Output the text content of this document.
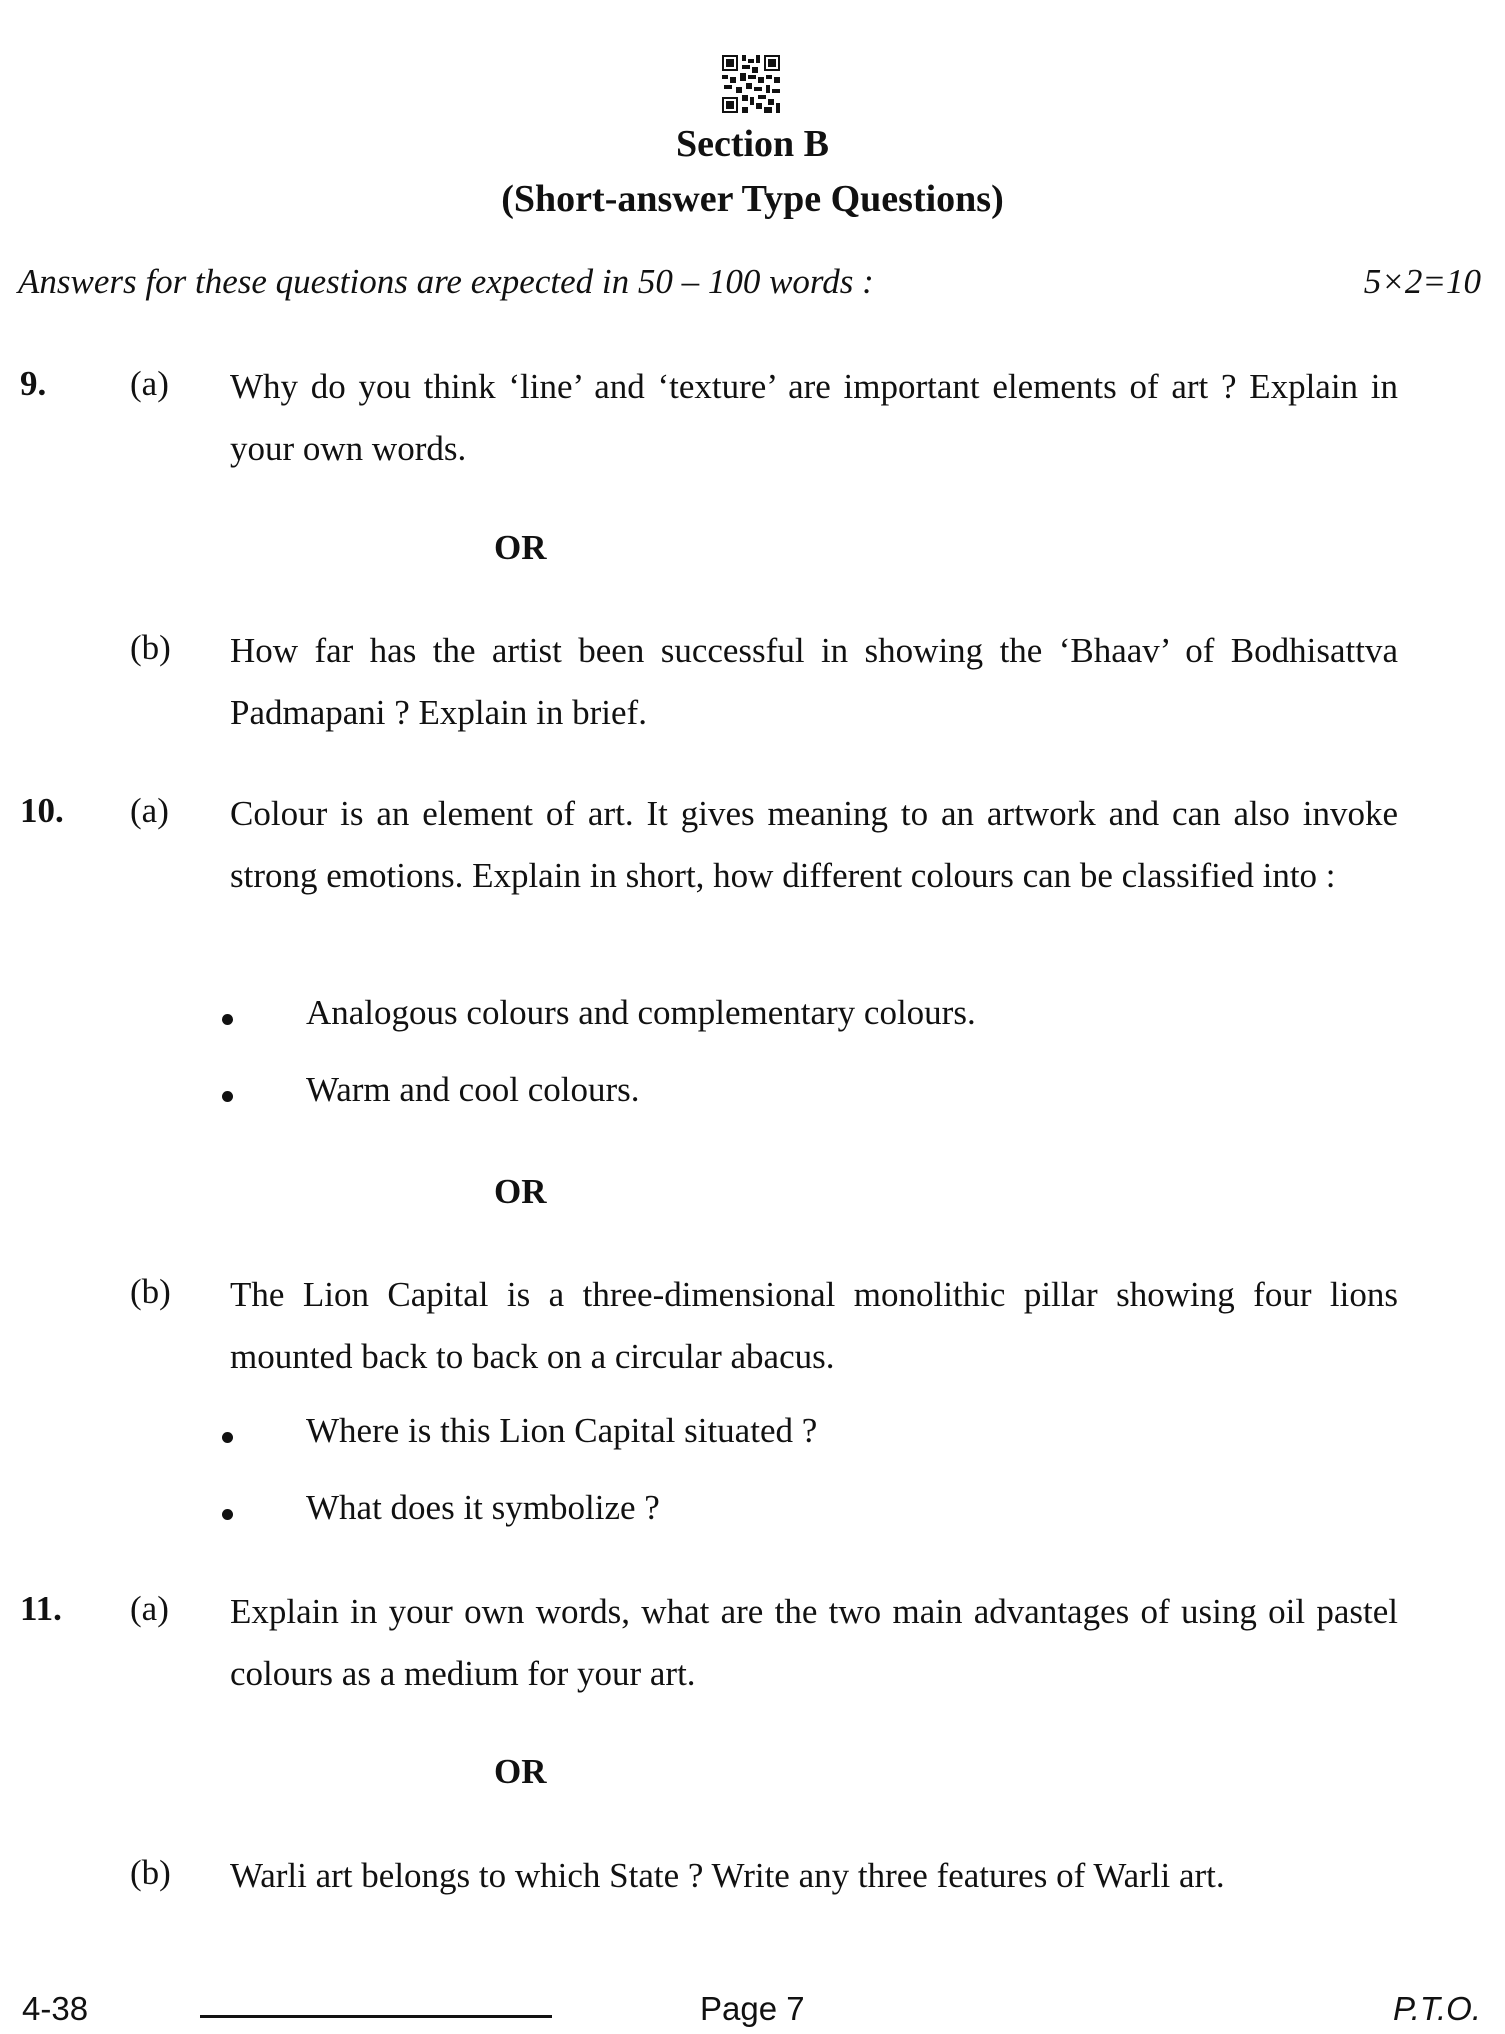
Section B
(Short-answer Type Questions)
Answers for these questions are expected in 50 – 100 words :	5×2=10
9. (a) Why do you think ‘line’ and ‘texture’ are important elements of art ? Explain in your own words.

OR
(b) How far has the artist been successful in showing the ‘Bhaav’ of Bodhisattva Padmapani ? Explain in brief.

10. (a) Colour is an element of art. It gives meaning to an artwork and can also invoke strong emotions. Explain in short, how different colours can be classified into :

Analogous colours and complementary colours.
Warm and cool colours.
OR
(b) The Lion Capital is a three-dimensional monolithic pillar showing four lions mounted back to back on a circular abacus.

Where is this Lion Capital situated ?
What does it symbolize ?
11. (a) Explain in your own words, what are the two main advantages of using oil pastel colours as a medium for your art.

OR
(b) Warli art belongs to which State ? Write any three features of Warli art.

4-38	Page 7	P.T.O.
